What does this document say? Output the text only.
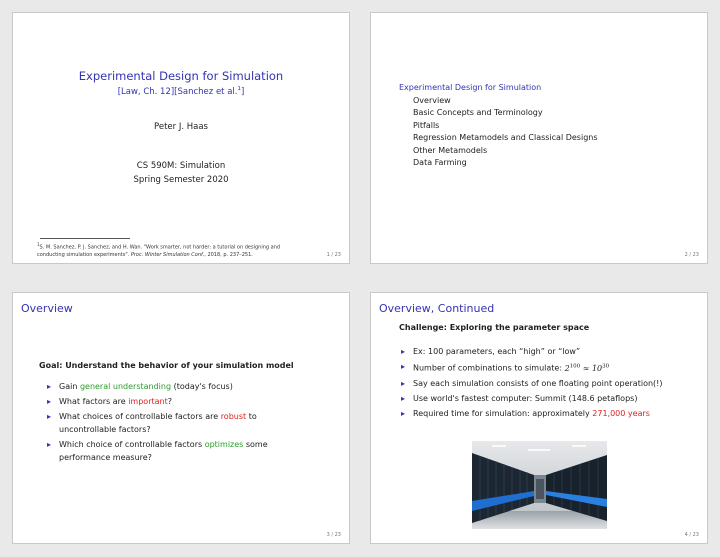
Experimental Design for Simulation
[Law, Ch. 12][Sanchez et al.$^1$]
Peter J. Haas
CS 590M: Simulation
Spring Semester 2020
$^1$S. M. Sanchez, P. J. Sanchez, and H. Wan. "Work smarter, not harder: a tutorial on designing and
conducting simulation experiments". Proc. Winter Simulation Conf., 2018, p. 237–251.	1 / 23
Experimental Design for Simulation
Overview
Basic Concepts and Terminology
Pitfalls
Regression Metamodels and Classical Designs
Other Metamodels
Data Farming
2 / 23
Overview
Goal: Understand the behavior of your simulation model
▸ Gain general understanding (today's focus)
▸ What factors are important?
▸ What choices of controllable factors are robust to uncontrollable factors?
▸ Which choice of controllable factors optimizes some performance measure?
3 / 23
Overview, Continued
Challenge: Exploring the parameter space
▸ Ex: 100 parameters, each “high” or “low”
▸ Number of combinations to simulate: $2^{100} \approx 10^{30}$
▸ Say each simulation consists of one floating point operation(!)
▸ Use world's fastest computer: Summit (148.6 petaflops)
▸ Required time for simulation: approximately 271,000 years
4 / 23
